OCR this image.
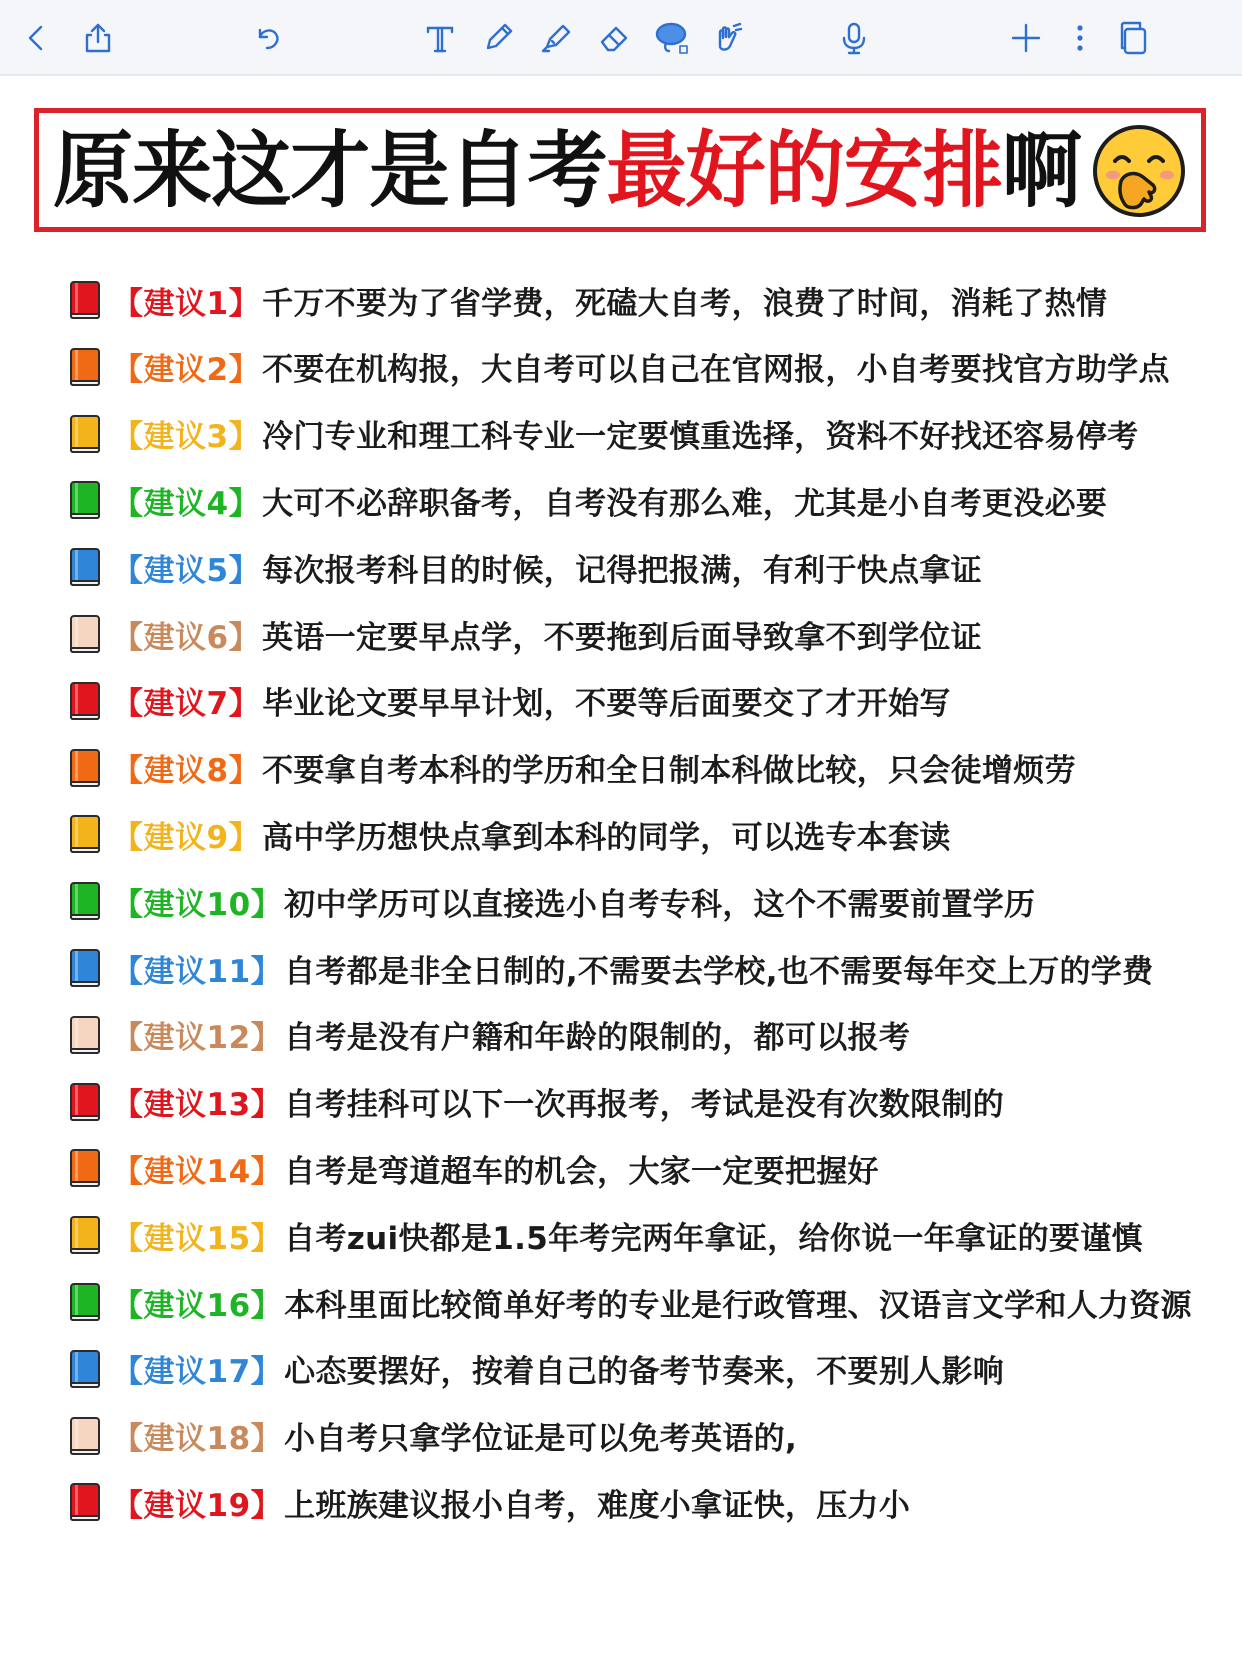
原来这才是自考最好的安排啊
【建议1】 千万不要为了省学费，死磕大自考，浪费了时间，消耗了热情
【建议2】 不要在机构报，大自考可以自己在官网报，小自考要找官方助学点
【建议3】 冷门专业和理工科专业一定要慎重选择，资料不好找还容易停考
【建议4】 大可不必辞职备考，自考没有那么难，尤其是小自考更没必要
【建议5】 每次报考科目的时候，记得把报满，有利于快点拿证
【建议6】 英语一定要早点学，不要拖到后面导致拿不到学位证
【建议7】 毕业论文要早早计划，不要等后面要交了才开始写
【建议8】 不要拿自考本科的学历和全日制本科做比较，只会徒增烦劳
【建议9】 高中学历想快点拿到本科的同学，可以选专本套读
【建议10】 初中学历可以直接选小自考专科，这个不需要前置学历
【建议11】 自考都是非全日制的,不需要去学校,也不需要每年交上万的学费
【建议12】 自考是没有户籍和年龄的限制的，都可以报考
【建议13】 自考挂科可以下一次再报考，考试是没有次数限制的
【建议14】 自考是弯道超车的机会，大家一定要把握好
【建议15】 自考zui快都是1.5年考完两年拿证，给你说一年拿证的要谨慎
【建议16】 本科里面比较简单好考的专业是行政管理、汉语言文学和人力资源
【建议17】 心态要摆好，按着自己的备考节奏来，不要别人影响
【建议18】 小自考只拿学位证是可以免考英语的,
【建议19】 上班族建议报小自考，难度小拿证快，压力小
